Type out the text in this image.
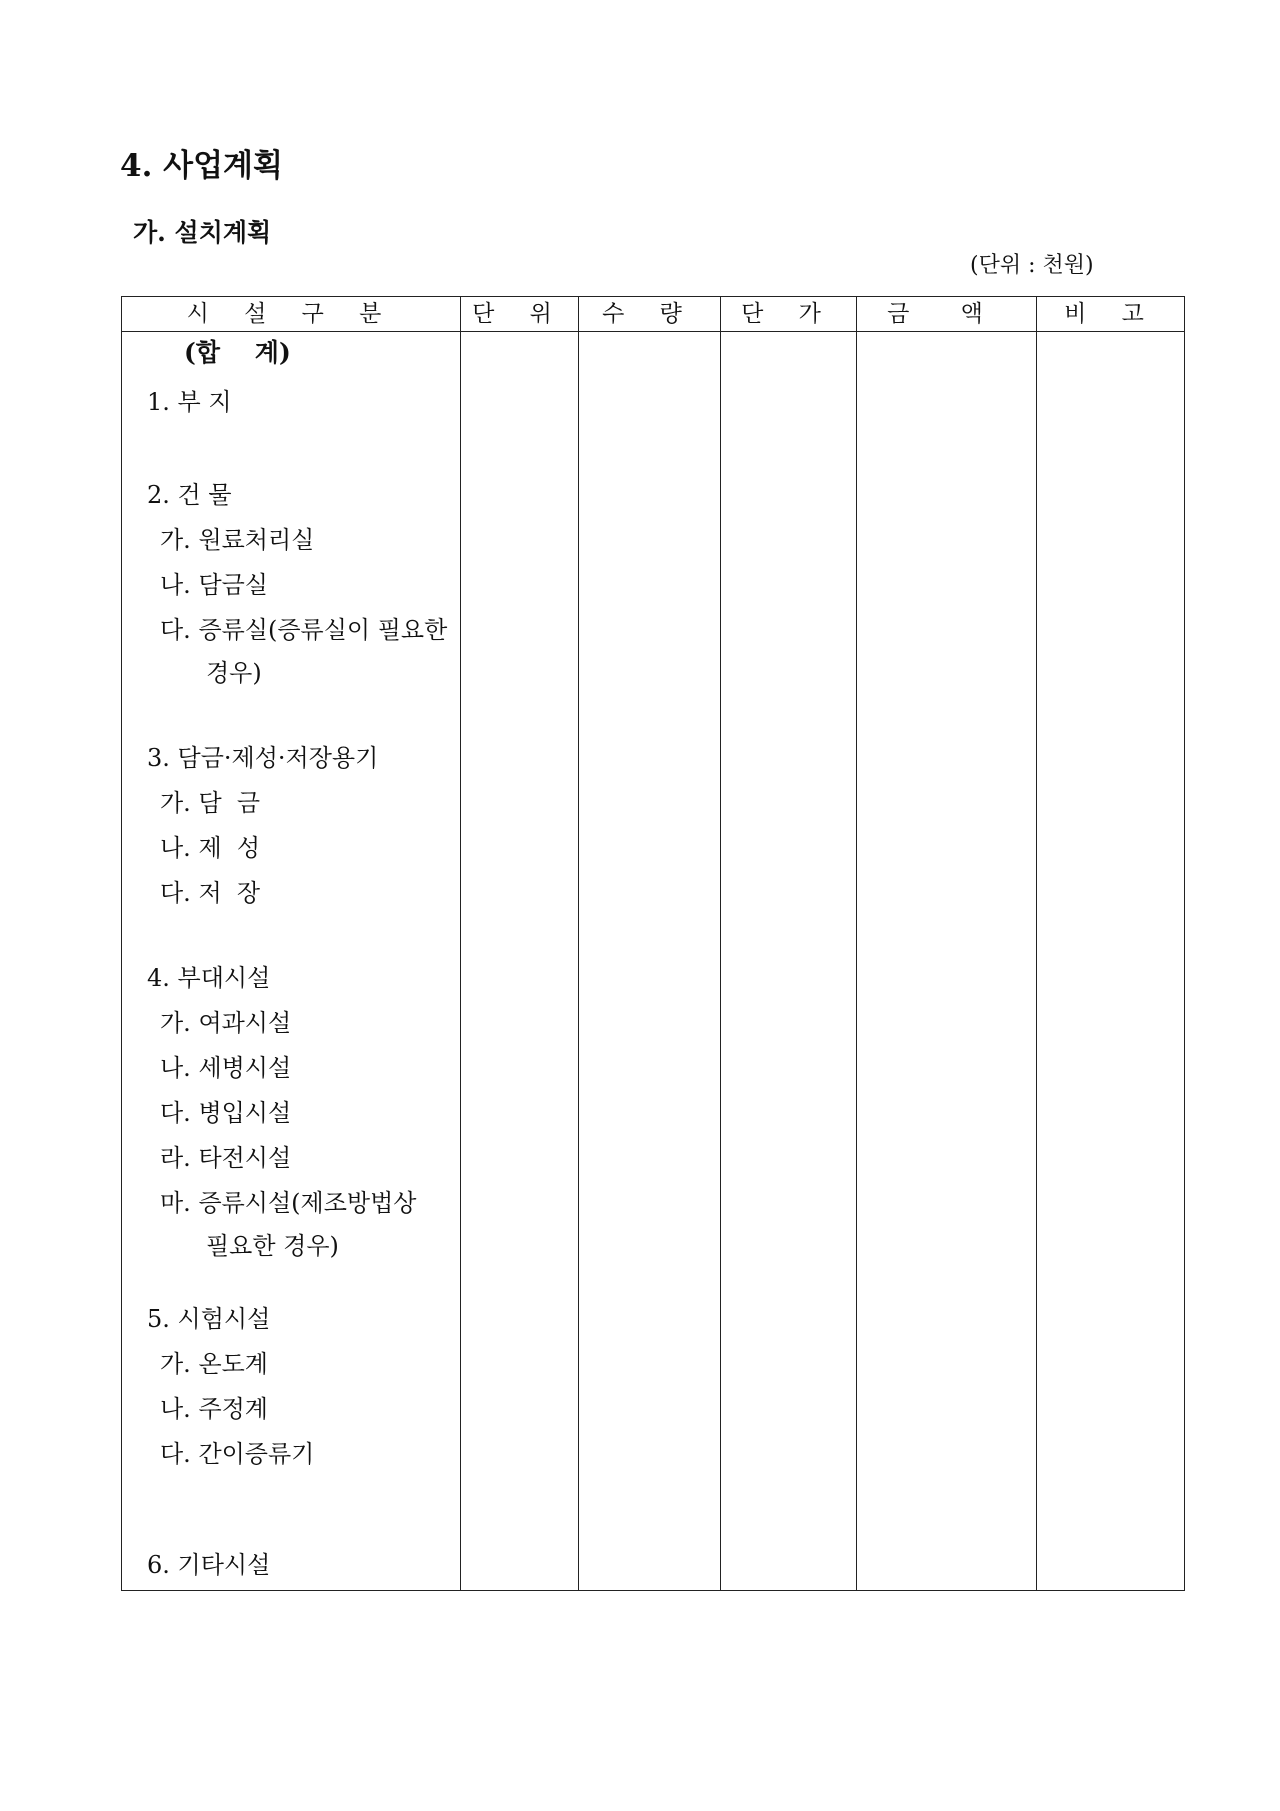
4. 사업계획
가. 설치계획
(단위 : 천원)
시 설 구 분	단 위	수 량	단 가	금 액	비 고
(합    계)
1. 부 지
2. 건 물
가. 원료처리실
나. 담금실
다. 증류실(증류실이 필요한
경우)
3. 담금·제성·저장용기
가. 담  금
나. 제  성
다. 저  장
4. 부대시설
가. 여과시설
나. 세병시설
다. 병입시설
라. 타전시설
마. 증류시설(제조방법상
필요한 경우)
5. 시험시설
가. 온도계
나. 주정계
다. 간이증류기
6. 기타시설
